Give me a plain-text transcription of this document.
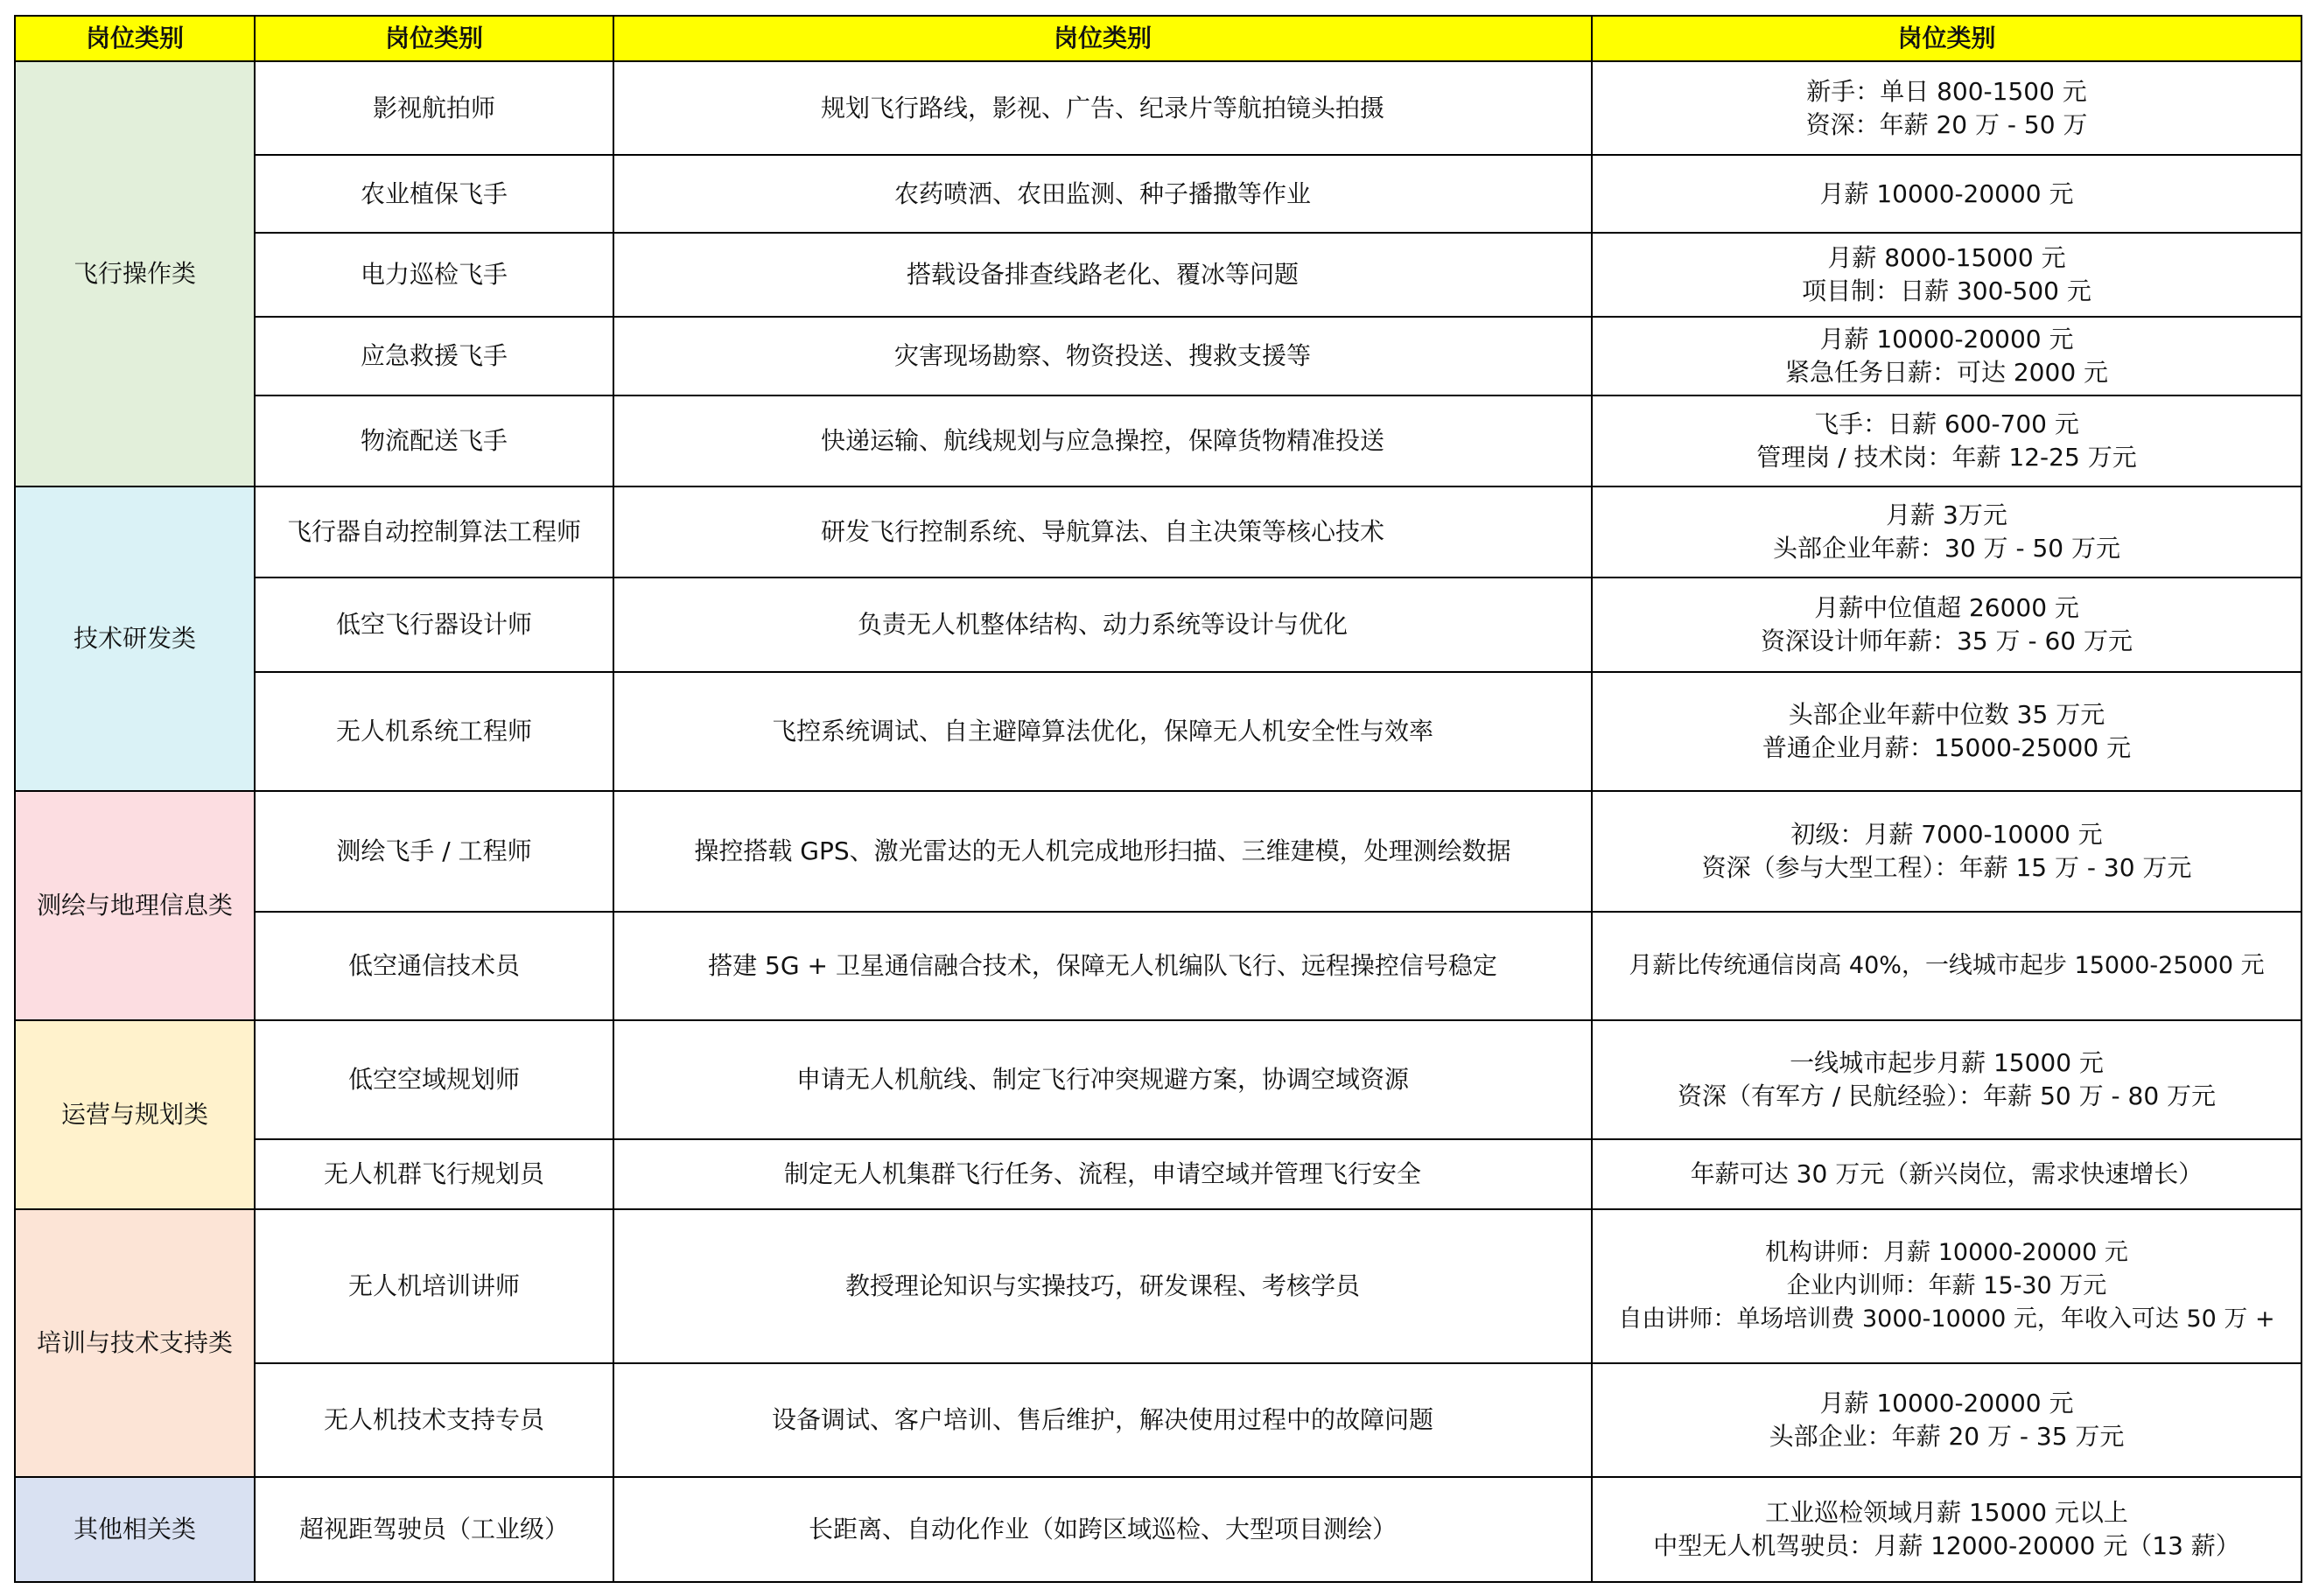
岗位类别	岗位类别	岗位类别	岗位类别
飞行操作类	影视航拍师	规划飞行路线，影视、广告、纪录片等航拍镜头拍摄	新手：单日 800-1500 元
资深：年薪 20 万 - 50 万

	农业植保飞手	农药喷洒、农田监测、种子播撒等作业	月薪 10000-20000 元

	电力巡检飞手	搭载设备排查线路老化、覆冰等问题	月薪 8000-15000 元
项目制：日薪 300-500 元

	应急救援飞手	灾害现场勘察、物资投送、搜救支援等	月薪 10000-20000 元
紧急任务日薪：可达 2000 元

	物流配送飞手	快递运输、航线规划与应急操控，保障货物精准投送	飞手：日薪 600-700 元
管理岗 / 技术岗：年薪 12-25 万元

技术研发类	飞行器自动控制算法工程师	研发飞行控制系统、导航算法、自主决策等核心技术	月薪 3万元
头部企业年薪：30 万 - 50 万元

	低空飞行器设计师	负责无人机整体结构、动力系统等设计与优化	月薪中位值超 26000 元
资深设计师年薪：35 万 - 60 万元

	无人机系统工程师	飞控系统调试、自主避障算法优化，保障无人机安全性与效率	头部企业年薪中位数 35 万元
普通企业月薪：15000-25000 元

测绘与地理信息类	测绘飞手 / 工程师	操控搭载 GPS、激光雷达的无人机完成地形扫描、三维建模，处理测绘数据	初级：月薪 7000-10000 元
资深（参与大型工程）：年薪 15 万 - 30 万元

	低空通信技术员	搭建 5G + 卫星通信融合技术，保障无人机编队飞行、远程操控信号稳定	月薪比传统通信岗高 40%，一线城市起步 15000-25000 元

运营与规划类	低空空域规划师	申请无人机航线、制定飞行冲突规避方案，协调空域资源	一线城市起步月薪 15000 元
资深（有军方 / 民航经验）：年薪 50 万 - 80 万元

	无人机群飞行规划员	制定无人机集群飞行任务、流程，申请空域并管理飞行安全	年薪可达 30 万元（新兴岗位，需求快速增长）

培训与技术支持类	无人机培训讲师	教授理论知识与实操技巧，研发课程、考核学员	机构讲师：月薪 10000-20000 元
企业内训师：年薪 15-30 万元
自由讲师：单场培训费 3000-10000 元，年收入可达 50 万 +

	无人机技术支持专员	设备调试、客户培训、售后维护，解决使用过程中的故障问题	月薪 10000-20000 元
头部企业：年薪 20 万 - 35 万元

其他相关类	超视距驾驶员（工业级）	长距离、自动化作业（如跨区域巡检、大型项目测绘）	工业巡检领域月薪 15000 元以上
中型无人机驾驶员：月薪 12000-20000 元（13 薪）
